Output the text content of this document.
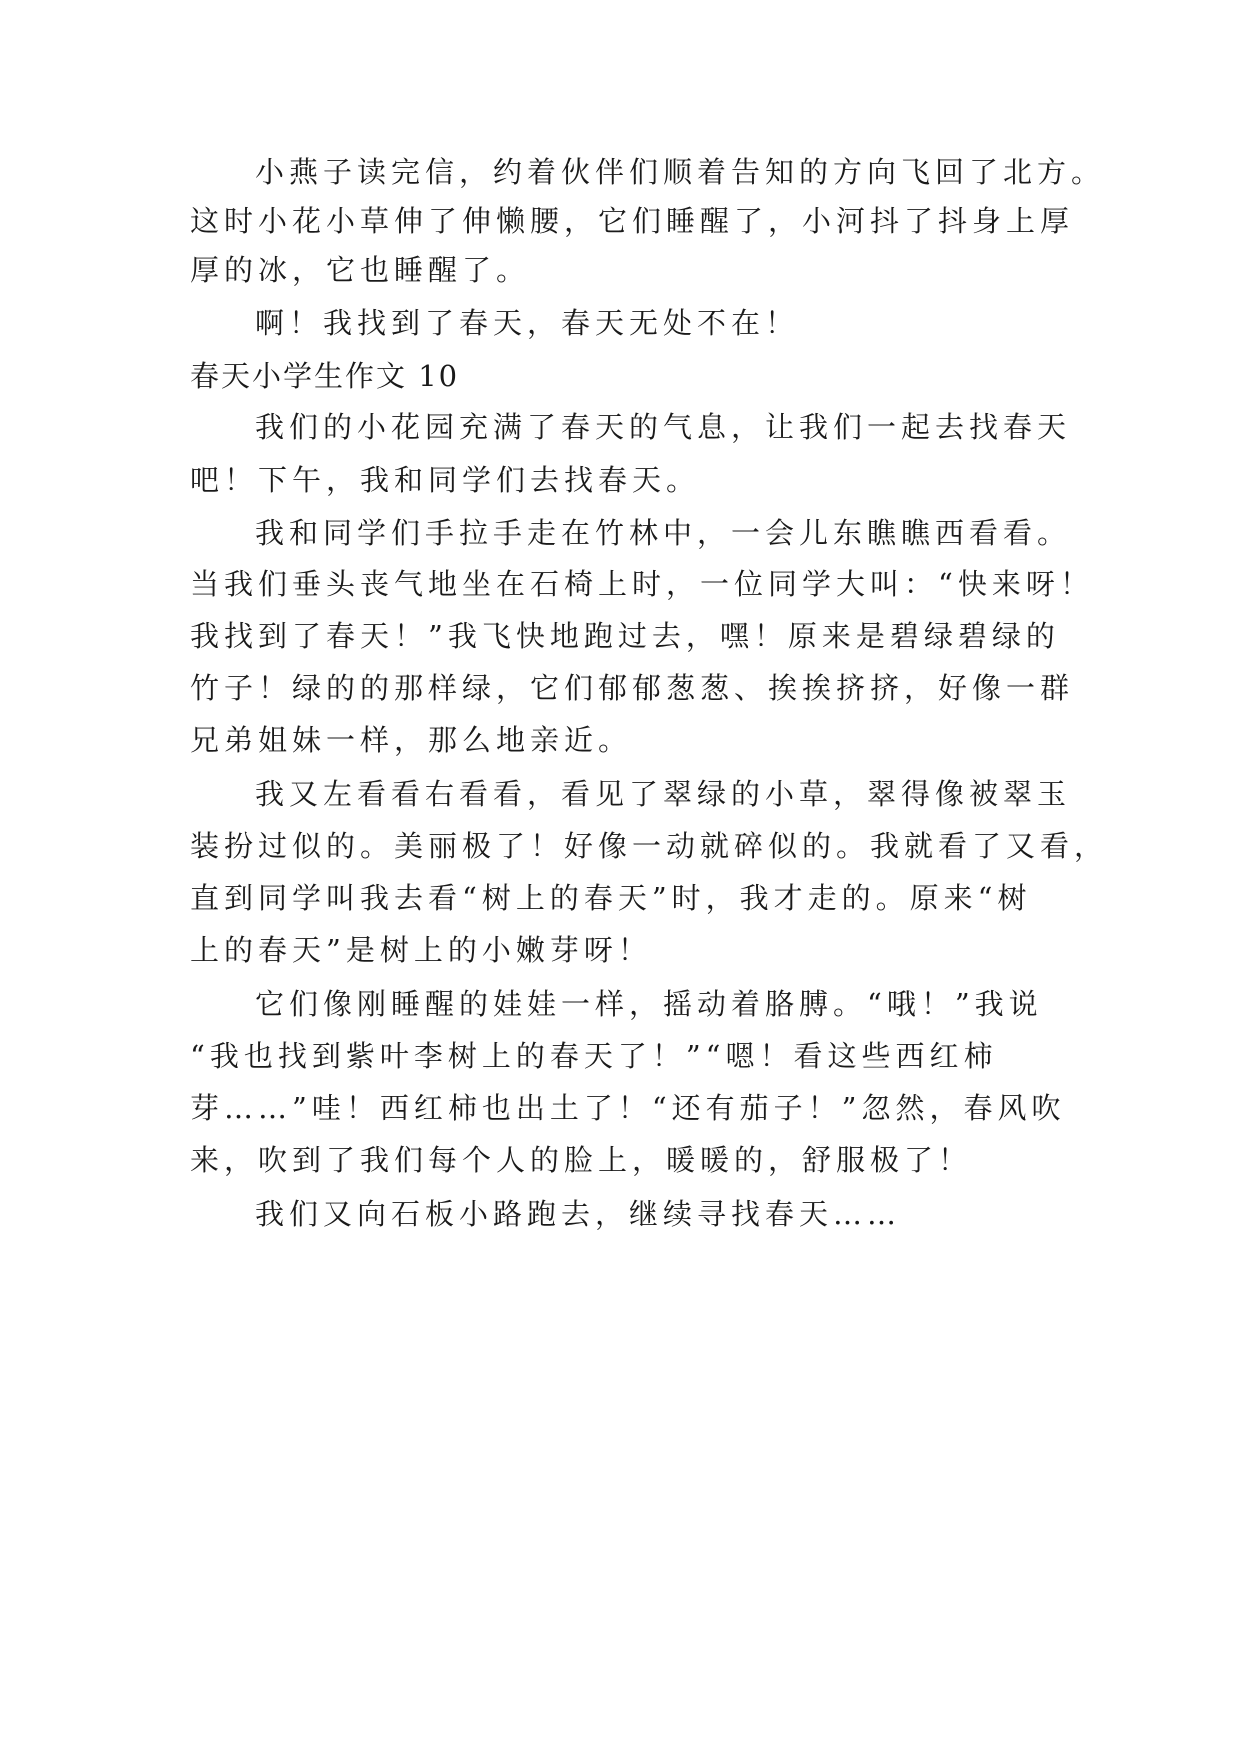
小燕子读完信，约着伙伴们顺着告知的方向飞回了北方。
这时小花小草伸了伸懒腰，它们睡醒了，小河抖了抖身上厚
厚的冰，它也睡醒了。
啊！我找到了春天，春天无处不在！
春天小学生作文 10
我们的小花园充满了春天的气息，让我们一起去找春天
吧！下午，我和同学们去找春天。
我和同学们手拉手走在竹林中，一会儿东瞧瞧西看看。
当我们垂头丧气地坐在石椅上时，一位同学大叫：“快来呀！
我找到了春天！”我飞快地跑过去，嘿！原来是碧绿碧绿的
竹子！绿的的那样绿，它们郁郁葱葱、挨挨挤挤，好像一群
兄弟姐妹一样，那么地亲近。
我又左看看右看看，看见了翠绿的小草，翠得像被翠玉
装扮过似的。美丽极了！好像一动就碎似的。我就看了又看，
直到同学叫我去看“树上的春天”时，我才走的。原来“树
上的春天”是树上的小嫩芽呀！
它们像刚睡醒的娃娃一样，摇动着胳膊。“哦！”我说
“我也找到紫叶李树上的春天了！”“嗯！看这些西红柿
芽……”哇！西红柿也出土了！“还有茄子！”忽然，春风吹
来，吹到了我们每个人的脸上，暖暖的，舒服极了！
我们又向石板小路跑去，继续寻找春天……
